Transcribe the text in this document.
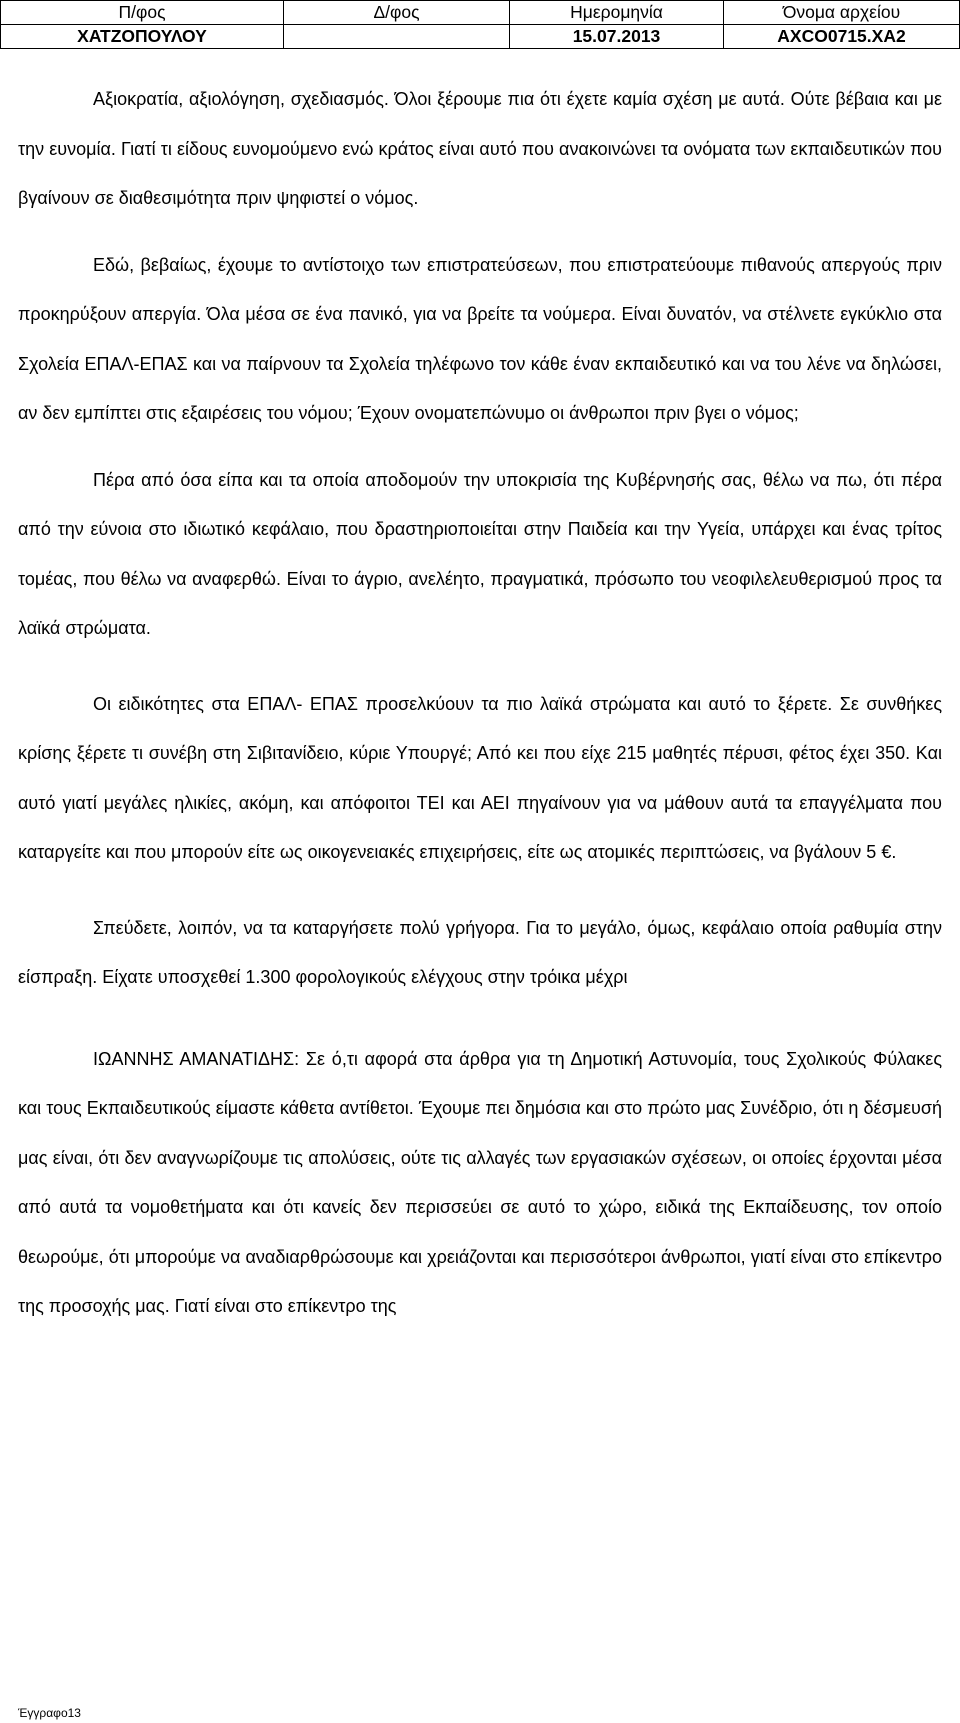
Π/φος	Δ/φος	Ημερομηνία	Όνομα αρχείου
ΧΑΤΖΟΠΟΥΛΟΥ		15.07.2013	ΑΧCO0715.XA2

Αξιοκρατία, αξιολόγηση, σχεδιασμός. Όλοι ξέρουμε πια ότι έχετε καμία σχέση με αυτά. Ούτε βέβαια και με την ευνομία. Γιατί τι είδους ευνομούμενο ενώ κράτος είναι αυτό που ανακοινώνει τα ονόματα των εκπαιδευτικών που βγαίνουν σε διαθεσιμότητα πριν ψηφιστεί ο νόμος.

Εδώ, βεβαίως, έχουμε το αντίστοιχο των επιστρατεύσεων, που επιστρατεύουμε πιθανούς απεργούς πριν προκηρύξουν απεργία. Όλα μέσα σε ένα πανικό, για να βρείτε τα νούμερα. Είναι δυνατόν, να στέλνετε εγκύκλιο στα Σχολεία ΕΠΑΛ-ΕΠΑΣ και να παίρνουν τα Σχολεία τηλέφωνο τον κάθε έναν εκπαιδευτικό και να του λένε να δηλώσει, αν δεν εμπίπτει στις εξαιρέσεις του νόμου; Έχουν ονοματεπώνυμο οι άνθρωποι πριν βγει ο νόμος;

Πέρα από όσα είπα και τα οποία αποδομούν την υποκρισία της Κυβέρνησής σας, θέλω να πω, ότι πέρα από την εύνοια στο ιδιωτικό κεφάλαιο, που δραστηριοποιείται στην Παιδεία και την Υγεία, υπάρχει και ένας τρίτος τομέας, που θέλω να αναφερθώ. Είναι το άγριο, ανελέητο, πραγματικά, πρόσωπο του νεοφιλελευθερισμού προς τα λαϊκά στρώματα.

Οι ειδικότητες στα ΕΠΑΛ- ΕΠΑΣ προσελκύουν τα πιο λαϊκά στρώματα και αυτό το ξέρετε. Σε συνθήκες κρίσης ξέρετε τι συνέβη στη Σιβιτανίδειο, κύριε Υπουργέ; Από κει που είχε 215 μαθητές πέρυσι, φέτος έχει 350. Και αυτό γιατί μεγάλες ηλικίες, ακόμη, και απόφοιτοι ΤΕΙ και ΑΕΙ πηγαίνουν για να μάθουν αυτά τα επαγγέλματα που καταργείτε και που μπορούν είτε ως οικογενειακές επιχειρήσεις, είτε ως ατομικές περιπτώσεις, να βγάλουν 5 €.

Σπεύδετε, λοιπόν, να τα καταργήσετε πολύ γρήγορα. Για το μεγάλο, όμως, κεφάλαιο οποία ραθυμία στην είσπραξη. Είχατε υποσχεθεί 1.300 φορολογικούς ελέγχους στην τρόικα μέχρι

ΙΩΑΝΝΗΣ ΑΜΑΝΑΤΙΔΗΣ: Σε ό,τι αφορά στα άρθρα για τη Δημοτική Αστυνομία, τους Σχολικούς Φύλακες και τους Εκπαιδευτικούς είμαστε κάθετα αντίθετοι. Έχουμε πει δημόσια και στο πρώτο μας Συνέδριο, ότι η δέσμευσή μας είναι, ότι δεν αναγνωρίζουμε τις απολύσεις, ούτε τις αλλαγές των εργασιακών σχέσεων, οι οποίες έρχονται μέσα από αυτά τα νομοθετήματα και ότι κανείς δεν περισσεύει σε αυτό το χώρο, ειδικά της Εκπαίδευσης, τον οποίο θεωρούμε, ότι μπορούμε να αναδιαρθρώσουμε και χρειάζονται και περισσότεροι άνθρωποι, γιατί είναι στο επίκεντρο της προσοχής μας. Γιατί είναι στο επίκεντρο της

Έγγραφο13
